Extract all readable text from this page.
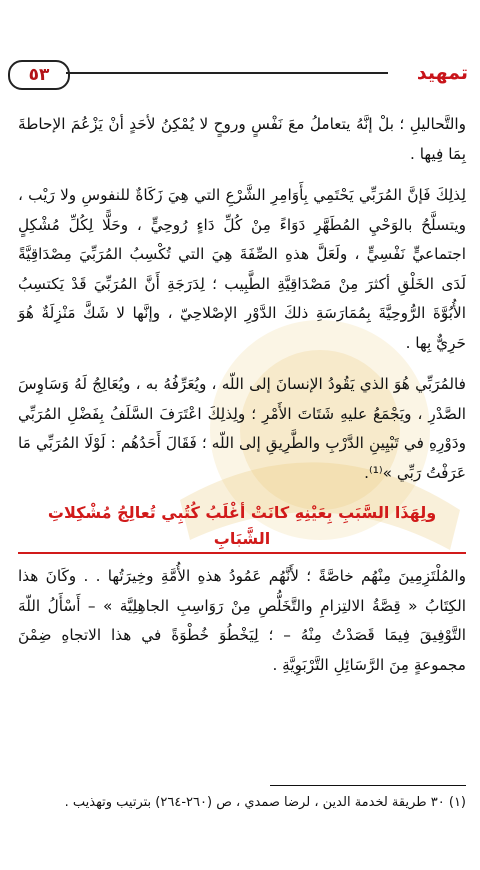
٥٣	تمهيد

والتَّحاليلِ ؛ بلْ إنَّهُ يتعاملُ معَ نَفْسٍ وروحٍ لا يُمْكِنُ لأحَدٍ أنْ يَزْعُمَ الإحاطةَ بِمَا فِيها .

لِذلِكَ فَإنَّ المُرَبِّي يَحْتَمِي بِأَوَامِرِ الشَّرْعِ التي هِيَ زَكَاةٌ للنفوسِ ولا رَيْب ، ويتسلَّحُ بالوَحْيِ المُطَهَّرِ دَوَاءً مِنْ كُلِّ دَاءٍ رُوحِيٍّ ، وحَلًّا لِكُلِّ مُشْكِلٍ اجتماعيٍّ نَفْسِيٍّ ، ولَعَلَّ هذهِ الصِّفَةَ هِيَ التي تُكْسِبُ المُرَبِّيَ مِصْدَاقِيَّةً لَدَى الخَلْقِ أكثرَ مِنْ مَصْدَاقِيَّةِ الطَّبِيب ؛ لِدَرَجَةِ أَنَّ المُرَبِّيَ قَدْ يَكتسِبُ الأُبُوَّةَ الرُّوحِيَّةَ بِمُمَارَسَةِ ذلكَ الدَّوْرِ الإصْلاحِيّ ، وإنَّها لا شَكَّ مَنْزِلَةٌ هُوَ حَرِيٌّ بِها .

فالمُرَبِّي هُوَ الذي يَقُودُ الإنسانَ إلى اللّه ، ويُعَرِّفُهُ به ، ويُعَالِجُ لَهُ وَسَاوِسَ الصَّدْرِ ، ويَجْمَعُ عليهِ شَتَاتَ الأَمْرِ ؛ ولِذلِكَ اعْتَرَفَ السَّلَفُ بِفَضْلِ المُرَبِّي ودَوْرِهِ في تَبْيِينِ الدَّرْبِ والطَّرِيقِ إلى اللّه ؛ فَقَالَ أَحَدُهُم : لَوْلَا المُرَبِّي مَا عَرَفْتُ رَبِّي »⁽¹⁾.

ولِهَذَا السَّبَبِ بِعَيْنِهِ كانَتْ أغْلَبُ كُتُبِي تُعالِجُ مُشْكِلاتِ الشَّبَابِ

والمُلْتَزِمِينَ مِنْهُم خاصَّةً ؛ لأَنَّهُم عَمُودُ هذهِ الأُمَّةِ وخِيرَتُها . . وكَانَ هذا الكِتَابُ « قِصَّةُ الالتِزامِ والتَّخَلُّصِ مِنْ رَوَاسِبِ الجاهِلِيَّة » – أَسْأَلُ اللّهَ التَّوْفِيقَ فِيمَا قَصَدْتُ مِنْهُ – ؛ لِيَخْطُوَ خُطْوَةً في هذا الاتجاهِ ضِمْنَ مجموعةٍ مِنَ الرَّسَائِلِ التَّرْبَوِيَّةِ .

(١) ٣٠ طريقة لخدمة الدين ، لرضا صمدي ، ص (٢٦٠-٢٦٤) بترتيب وتهذيب .
